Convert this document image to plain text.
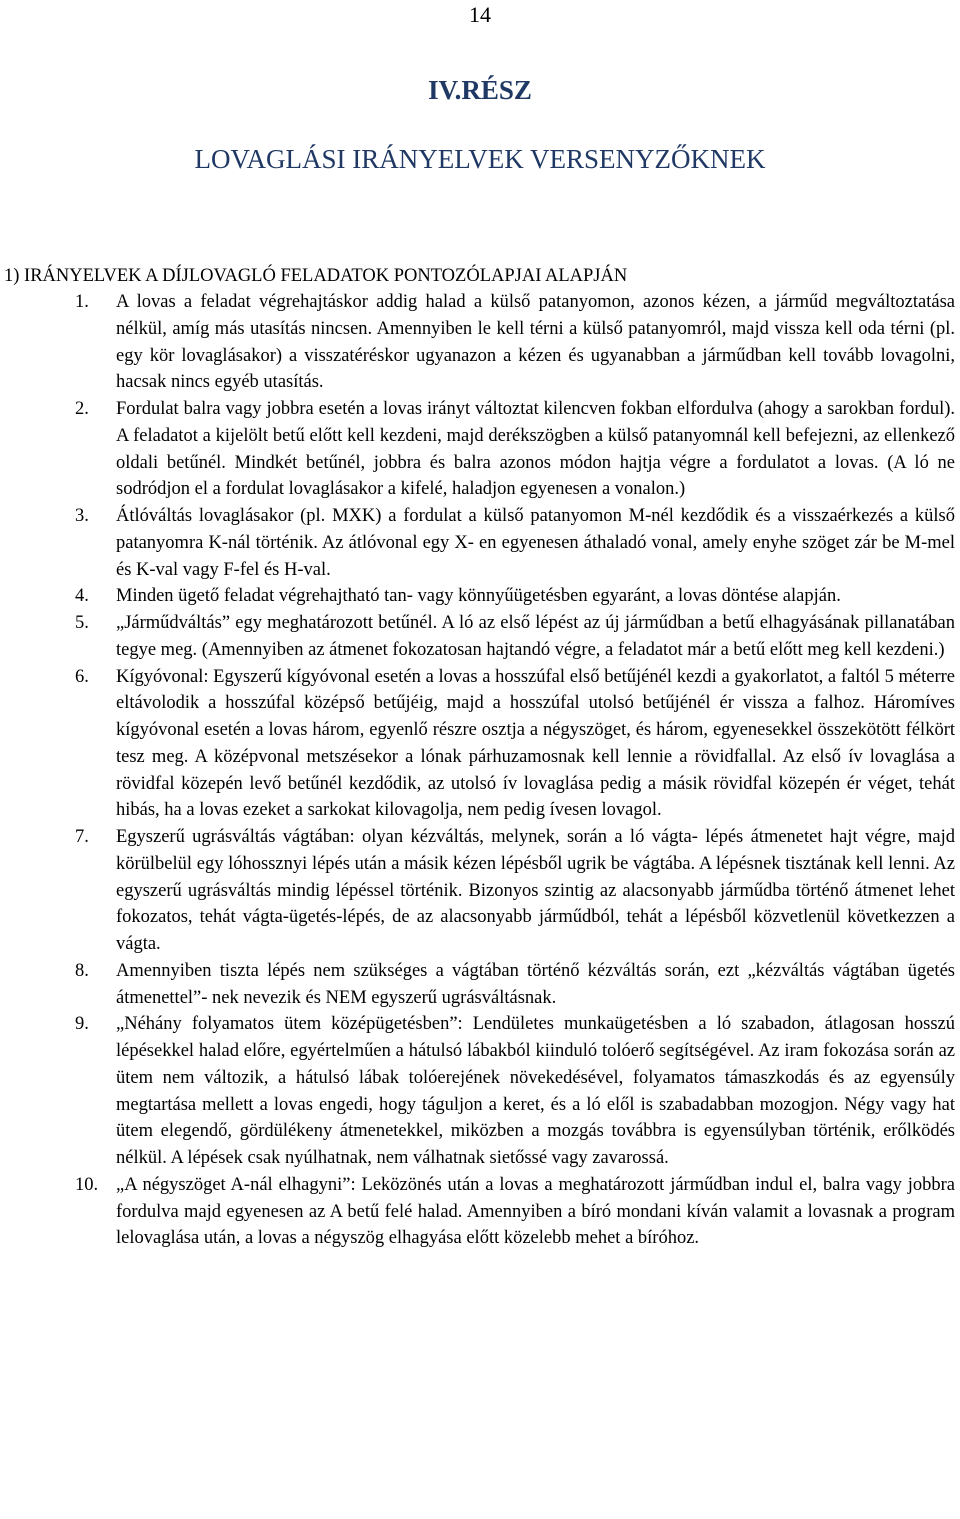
14
IV.RÉSZ
LOVAGLÁSI IRÁNYELVEK VERSENYZŐKNEK
1) IRÁNYELVEK A DÍJLOVAGLÓ FELADATOK PONTOZÓLAPJAI ALAPJÁN
1. A lovas a feladat végrehajtáskor addig halad a külső patanyomon, azonos kézen, a járműd megváltoztatása nélkül, amíg más utasítás nincsen. Amennyiben le kell térni a külső patanyomról, majd vissza kell oda térni (pl. egy kör lovaglásakor) a visszatéréskor ugyanazon a kézen és ugyanabban a járműdban kell tovább lovagolni, hacsak nincs egyéb utasítás.
2. Fordulat balra vagy jobbra esetén a lovas irányt változtat kilencven fokban elfordulva (ahogy a sarokban fordul). A feladatot a kijelölt betű előtt kell kezdeni, majd derékszögben a külső patanyomnál kell befejezni, az ellenkező oldali betűnél. Mindkét betűnél, jobbra és balra azonos módon hajtja végre a fordulatot a lovas. (A ló ne sodródjon el a fordulat lovaglásakor a kifelé, haladjon egyenesen a vonalon.)
3. Átlóváltás lovaglásakor (pl. MXK) a fordulat a külső patanyomon M-nél kezdődik és a visszaérkezés a külső patanyomra K-nál történik. Az átlóvonal egy X- en egyenesen áthaladó vonal, amely enyhe szöget zár be M-mel és K-val vagy F-fel és H-val.
4. Minden ügető feladat végrehajtható tan- vagy könnyűügetésben egyaránt, a lovas döntése alapján.
5. „Járműdváltás” egy meghatározott betűnél. A ló az első lépést az új járműdban a betű elhagyásának pillanatában tegye meg. (Amennyiben az átmenet fokozatosan hajtandó végre, a feladatot már a betű előtt meg kell kezdeni.)
6. Kígyóvonal: Egyszerű kígyóvonal esetén a lovas a hosszúfal első betűjénél kezdi a gyakorlatot, a faltól 5 méterre eltávolodik a hosszúfal középső betűjéig, majd a hosszúfal utolsó betűjénél ér vissza a falhoz. Háromíves kígyóvonal esetén a lovas három, egyenlő részre osztja a négyszöget, és három, egyenesekkel összekötött félkört tesz meg. A középvonal metszésekor a lónak párhuzamosnak kell lennie a rövidfallal. Az első ív lovaglása a rövidfal közepén levő betűnél kezdődik, az utolsó ív lovaglása pedig a másik rövidfal közepén ér véget, tehát hibás, ha a lovas ezeket a sarkokat kilovagolja, nem pedig ívesen lovagol.
7. Egyszerű ugrásváltás vágtában: olyan kézváltás, melynek, során a ló vágta- lépés átmenetet hajt végre, majd körülbelül egy lóhossznyi lépés után a másik kézen lépésből ugrik be vágtába. A lépésnek tisztának kell lenni. Az egyszerű ugrásváltás mindig lépéssel történik. Bizonyos szintig az alacsonyabb járműdba történő átmenet lehet fokozatos, tehát vágta-ügetés-lépés, de az alacsonyabb járműdból, tehát a lépésből közvetlenül következzen a vágta.
8. Amennyiben tiszta lépés nem szükséges a vágtában történő kézváltás során, ezt „kézváltás vágtában ügetés átmenettel”- nek nevezik és NEM egyszerű ugrásváltásnak.
9. „Néhány folyamatos ütem középügetésben”: Lendületes munkaügetésben a ló szabadon, átlagosan hosszú lépésekkel halad előre, egyértelműen a hátulsó lábakból kiinduló tolóerő segítségével. Az iram fokozása során az ütem nem változik, a hátulsó lábak tolóerejének növekedésével, folyamatos támaszkodás és az egyensúly megtartása mellett a lovas engedi, hogy táguljon a keret, és a ló elől is szabadabban mozogjon. Négy vagy hat ütem elegendő, gördülékeny átmenetekkel, miközben a mozgás továbbra is egyensúlyban történik, erőlködés nélkül. A lépések csak nyúlhatnak, nem válhatnak sietőssé vagy zavarossá.
10. „A négyszöget A-nál elhagyni”: Leközönés után a lovas a meghatározott járműdban indul el, balra vagy jobbra fordulva majd egyenesen az A betű felé halad. Amennyiben a bíró mondani kíván valamit a lovasnak a program lelovaglása után, a lovas a négyszög elhagyása előtt közelebb mehet a bíróhoz.
